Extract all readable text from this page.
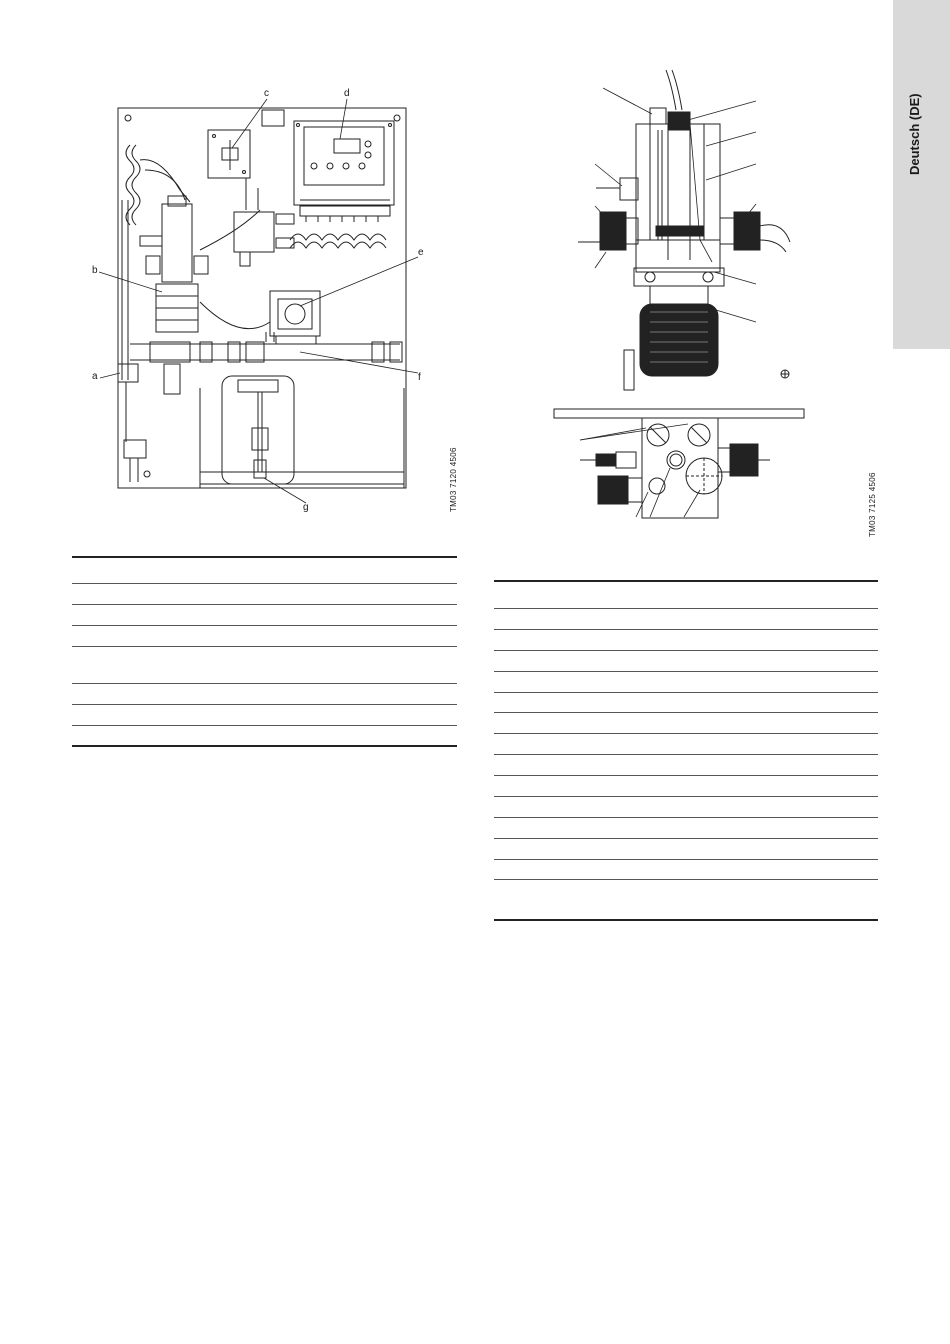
Deutsch (DE)
c	d
b
e
a	f
g	TM03 7120 4506	TM03 7125 4506
